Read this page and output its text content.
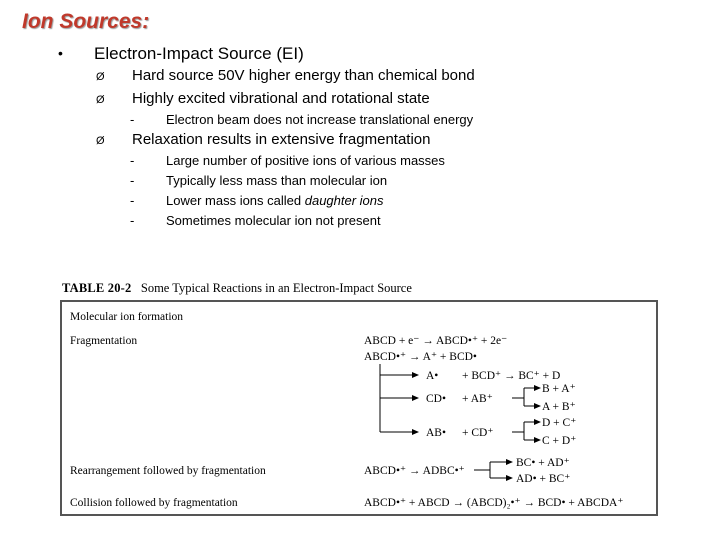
Ion Sources:
• Electron-Impact Source (EI)
Ø Hard source 50V higher energy than chemical bond
Ø Highly excited vibrational and rotational state
- Electron beam does not increase translational energy
Ø Relaxation results in extensive fragmentation
- Large number of positive ions of various masses
- Typically less mass than molecular ion
- Lower mass ions called daughter ions
- Sometimes molecular ion not present
TABLE 20-2 Some Typical Reactions in an Electron-Impact Source
Molecular ion formation
Fragmentation
Rearrangement followed by fragmentation
Collision followed by fragmentation
ABCD + e⁻ → ABCD•⁺ + 2e⁻
ABCD•⁺ → A⁺ + BCD•
A• + BCD⁺ → BC⁺ + D
CD• + AB⁺
B + A⁺
A + B⁺
AB• + CD⁺
D + C⁺
C + D⁺
ABCD•⁺ → ADBC•⁺
BC• + AD⁺
AD• + BC⁺
ABCD•⁺ + ABCD → (ABCD)₂•⁺ → BCD• + ABCDA⁺
